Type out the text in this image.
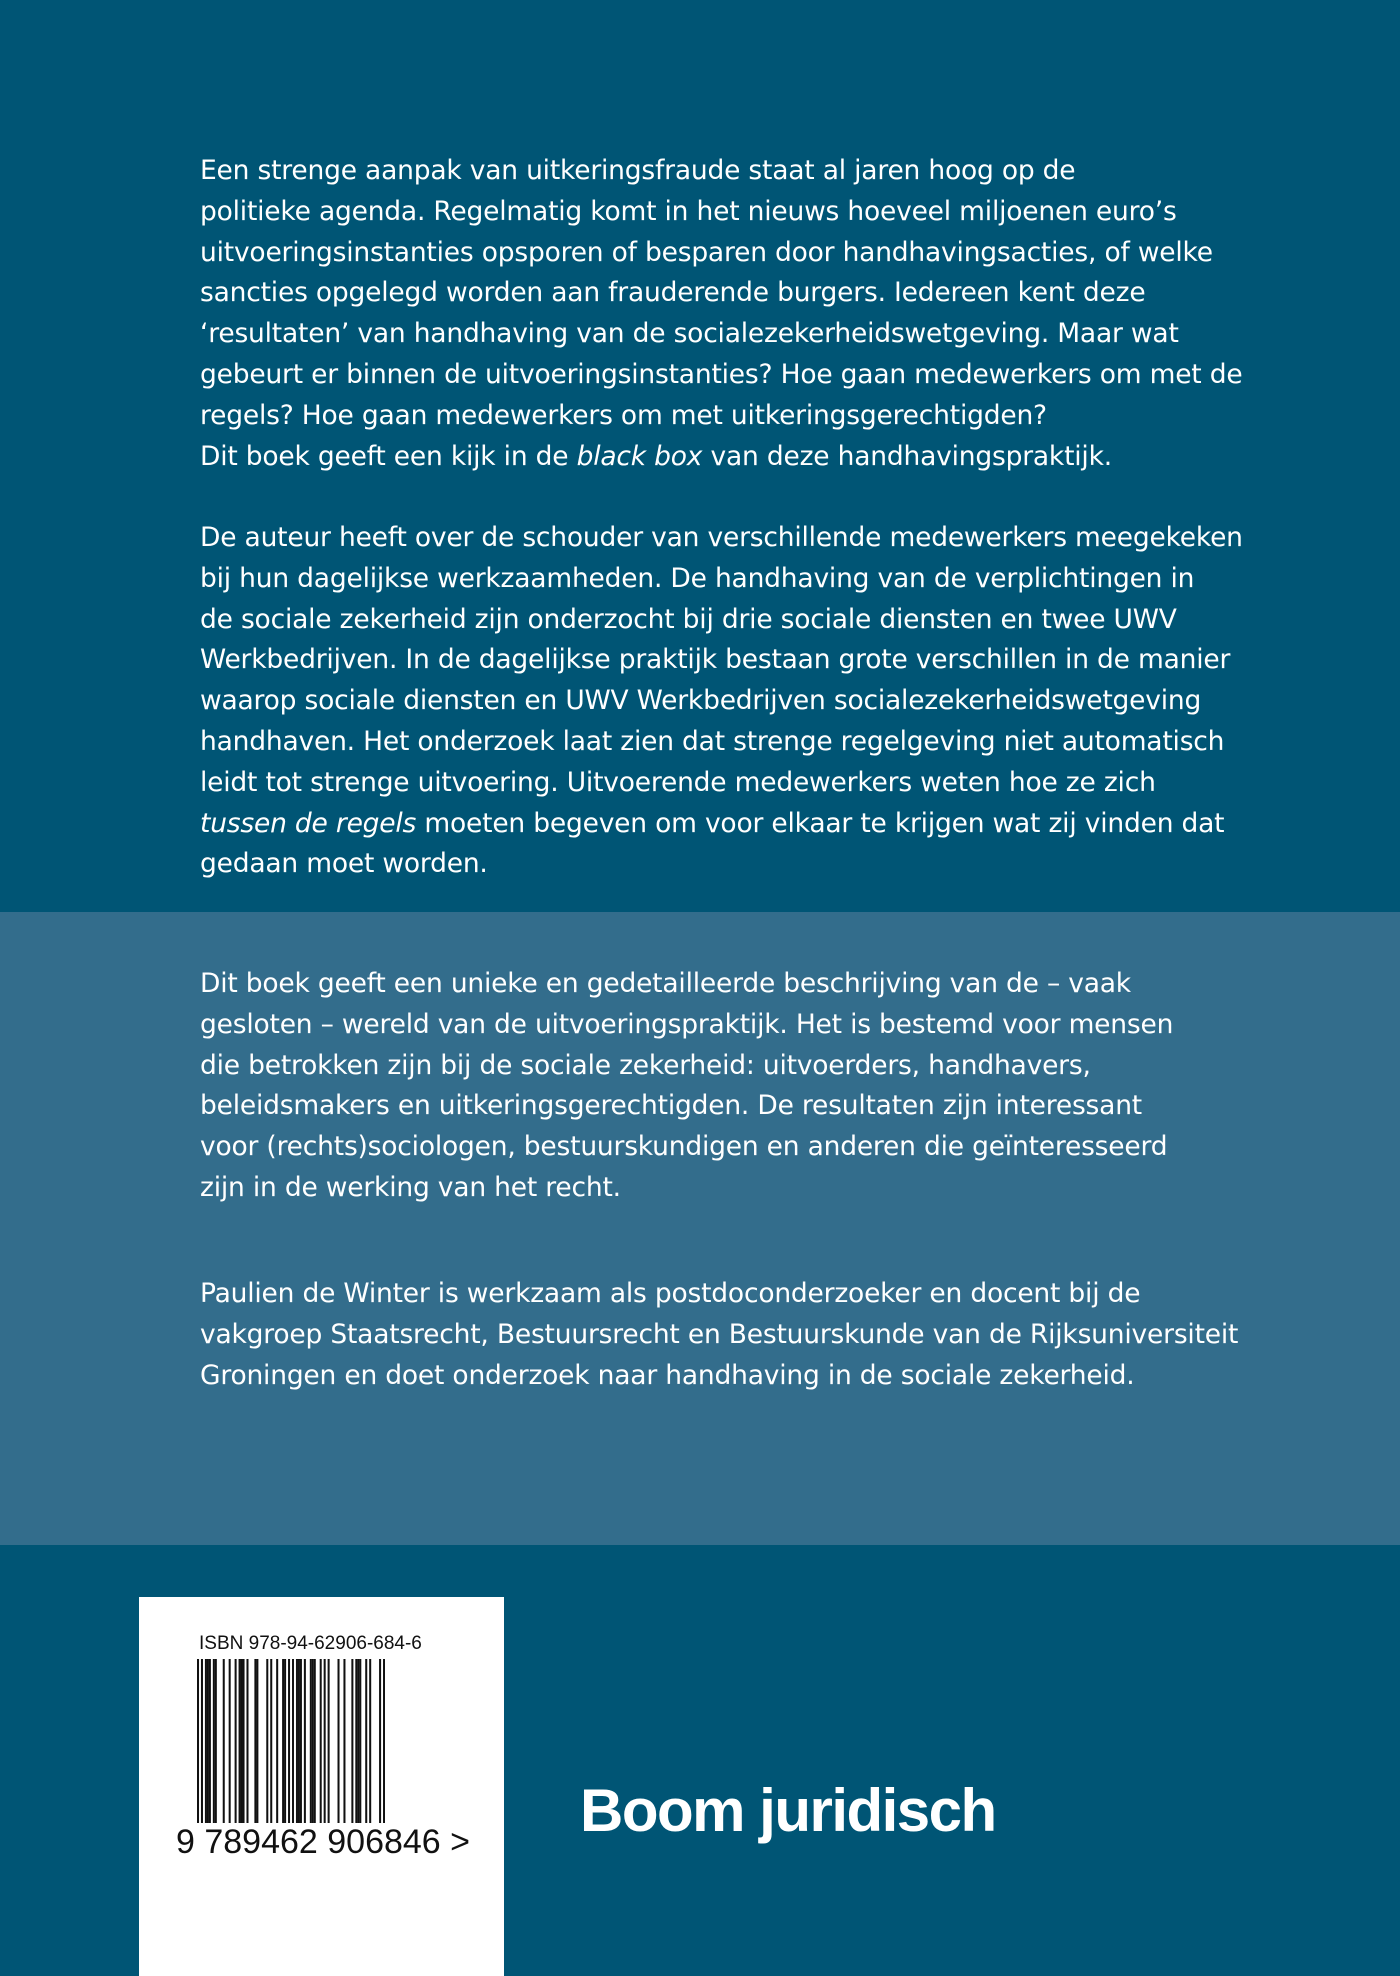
Een strenge aanpak van uitkeringsfraude staat al jaren hoog op de
politieke agenda. Regelmatig komt in het nieuws hoeveel miljoenen euro’s
uitvoeringsinstanties opsporen of besparen door handhavingsacties, of welke
sancties opgelegd worden aan frauderende burgers. Iedereen kent deze
‘resultaten’ van handhaving van de socialezekerheidswetgeving. Maar wat
gebeurt er binnen de uitvoeringsinstanties? Hoe gaan medewerkers om met de
regels? Hoe gaan medewerkers om met uitkeringsgerechtigden?
Dit boek geeft een kijk in de black box van deze handhavingspraktijk.

De auteur heeft over de schouder van verschillende medewerkers meegekeken
bij hun dagelijkse werkzaamheden. De handhaving van de verplichtingen in
de sociale zekerheid zijn onderzocht bij drie sociale diensten en twee UWV
Werkbedrijven. In de dagelijkse praktijk bestaan grote verschillen in de manier
waarop sociale diensten en UWV Werkbedrijven socialezekerheidswetgeving
handhaven. Het onderzoek laat zien dat strenge regelgeving niet automatisch
leidt tot strenge uitvoering. Uitvoerende medewerkers weten hoe ze zich
tussen de regels moeten begeven om voor elkaar te krijgen wat zij vinden dat
gedaan moet worden.

Dit boek geeft een unieke en gedetailleerde beschrijving van de – vaak
gesloten – wereld van de uitvoeringspraktijk. Het is bestemd voor mensen
die betrokken zijn bij de sociale zekerheid: uitvoerders, handhavers,
beleidsmakers en uitkeringsgerechtigden. De resultaten zijn interessant
voor (rechts)sociologen, bestuurskundigen en anderen die geïnteresseerd
zijn in de werking van het recht.

Paulien de Winter is werkzaam als postdoconderzoeker en docent bij de
vakgroep Staatsrecht, Bestuursrecht en Bestuurskunde van de Rijksuniversiteit
Groningen en doet onderzoek naar handhaving in de sociale zekerheid.

ISBN 978-94-62906-684-6
9 789462 906846 > Boom juridisch
